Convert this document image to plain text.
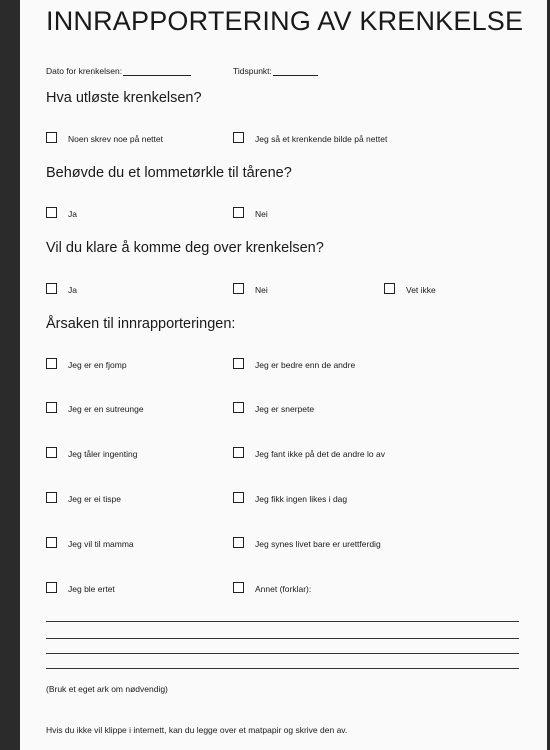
INNRAPPORTERING AV KRENKELSE
Dato for krenkelsen:	Tidspunkt:
Hva utløste krenkelsen?
Noen skrev noe på nettet	Jeg så et krenkende bilde på nettet
Behøvde du et lommetørkle til tårene?
Ja	Nei
Vil du klare å komme deg over krenkelsen?
Ja	Nei	Vet ikke
Årsaken til innrapporteringen:
Jeg er en fjomp	Jeg er bedre enn de andre
Jeg er en sutreunge	Jeg er snerpete
Jeg tåler ingenting	Jeg fant ikke på det de andre lo av
Jeg er ei tispe	Jeg fikk ingen likes i dag
Jeg vil til mamma	Jeg synes livet bare er urettferdig
Jeg ble ertet	Annet (forklar):
(Bruk et eget ark om nødvendig)
Hvis du ikke vil klippe i internett, kan du legge over et matpapir og skrive den av.
